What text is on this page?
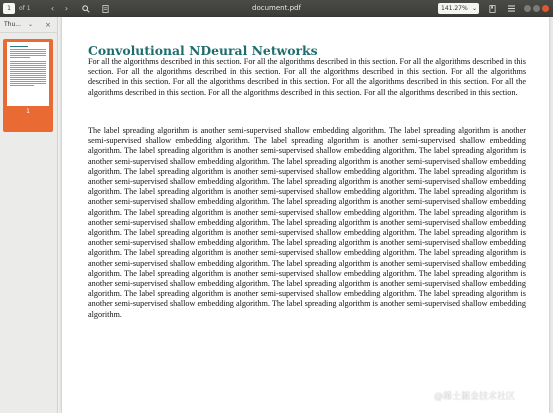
1	of 1	‹	›	document.pdf	141.27% ⌄
Thu... ⌄ ×
1
Convolutional NDeural Networks
For all the algorithms described in this section. For all the algorithms described in this section. For all the algorithms described in this section. For all the algorithms described in this section. For all the algorithms described in this section. For all the algorithms described in this section. For all the algorithms described in this section. For all the algorithms described in this section. For all the algorithms described in this section. For all the algorithms described in this section. For all the algorithms described in this section.
The label spreading algorithm is another semi-supervised shallow embedding algorithm. The label spreading algorithm is another semi-supervised shallow embedding algorithm. The label spreading algorithm is another semi-supervised shallow embedding algorithm. The label spreading algorithm is another semi-supervised shallow embedding algorithm. The label spreading algorithm is another semi-supervised shallow embedding algorithm. The label spreading algorithm is another semi-supervised shallow embedding algorithm. The label spreading algorithm is another semi-supervised shallow embedding algorithm. The label spreading algorithm is another semi-supervised shallow embedding algorithm. The label spreading algorithm is another semi-supervised shallow embedding algorithm. The label spreading algorithm is another semi-supervised shallow embedding algorithm. The label spreading algorithm is another semi-supervised shallow embedding algorithm. The label spreading algorithm is another semi-supervised shallow embedding algorithm. The label spreading algorithm is another semi-supervised shallow embedding algorithm. The label spreading algorithm is another semi-supervised shallow embedding algorithm. The label spreading algorithm is another semi-supervised shallow embedding algorithm. The label spreading algorithm is another semi-supervised shallow embedding algorithm. The label spreading algorithm is another semi-supervised shallow embedding algorithm. The label spreading algorithm is another semi-supervised shallow embedding algorithm. The label spreading algorithm is another semi-supervised shallow embedding algorithm. The label spreading algorithm is another semi-supervised shallow embedding algorithm. The label spreading algorithm is another semi-supervised shallow embedding algorithm. The label spreading algorithm is another semi-supervised shallow embedding algorithm. The label spreading algorithm is another semi-supervised shallow embedding algorithm. The label spreading algorithm is another semi-supervised shallow embedding algorithm. The label spreading algorithm is another semi-supervised shallow embedding algorithm. The label spreading algorithm is another semi-supervised shallow embedding algorithm. The label spreading algorithm is another semi-supervised shallow embedding algorithm.
@稀土掘金技术社区
